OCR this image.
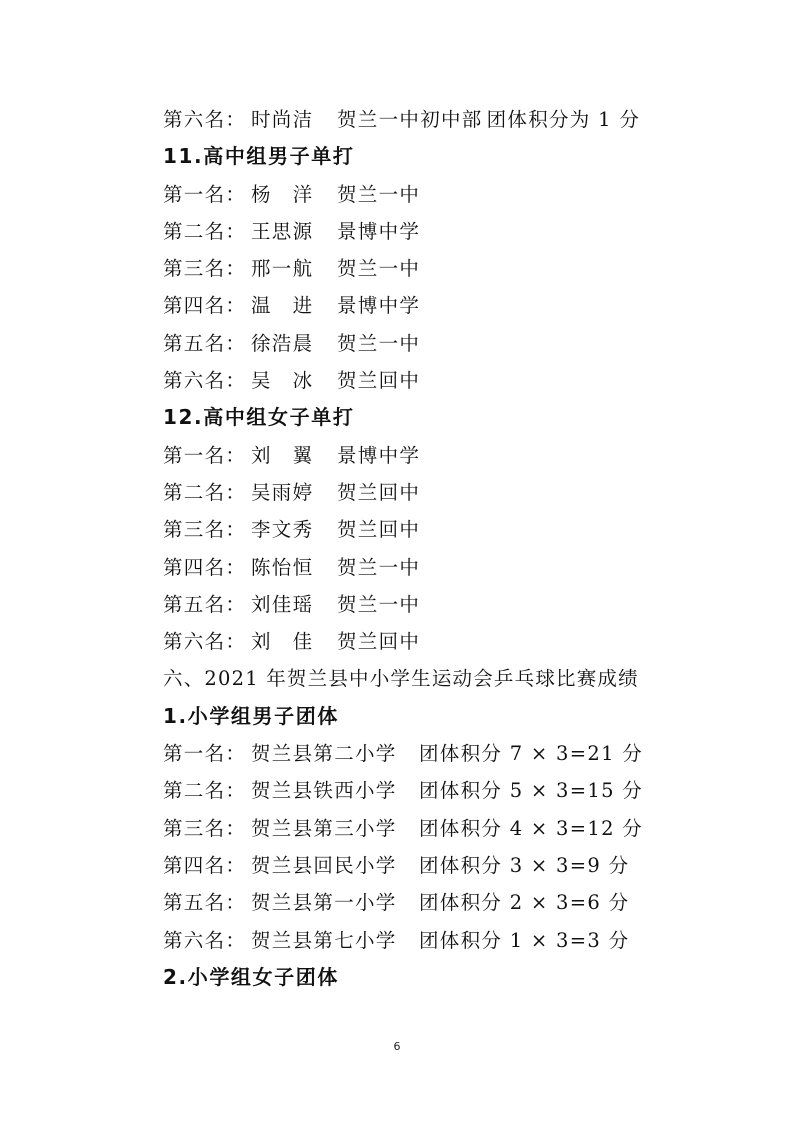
第六名： 时尚洁 贺兰一中初中部 团体积分为 1 分
11.高中组男子单打
第一名： 杨　洋 贺兰一中
第二名： 王思源 景博中学
第三名： 邢一航 贺兰一中
第四名： 温　进 景博中学
第五名： 徐浩晨 贺兰一中
第六名： 吴　冰 贺兰回中
12.高中组女子单打
第一名： 刘　翼 景博中学
第二名： 吴雨婷 贺兰回中
第三名： 李文秀 贺兰回中
第四名： 陈怡恒 贺兰一中
第五名： 刘佳瑶 贺兰一中
第六名： 刘　佳 贺兰回中
六、2021 年贺兰县中小学生运动会乒乓球比赛成绩
1.小学组男子团体
第一名： 贺兰县第二小学 团体积分 7 × 3=21 分
第二名： 贺兰县铁西小学 团体积分 5 × 3=15 分
第三名： 贺兰县第三小学 团体积分 4 × 3=12 分
第四名： 贺兰县回民小学 团体积分 3 × 3=9 分
第五名： 贺兰县第一小学 团体积分 2 × 3=6 分
第六名： 贺兰县第七小学 团体积分 1 × 3=3 分
2.小学组女子团体
6
